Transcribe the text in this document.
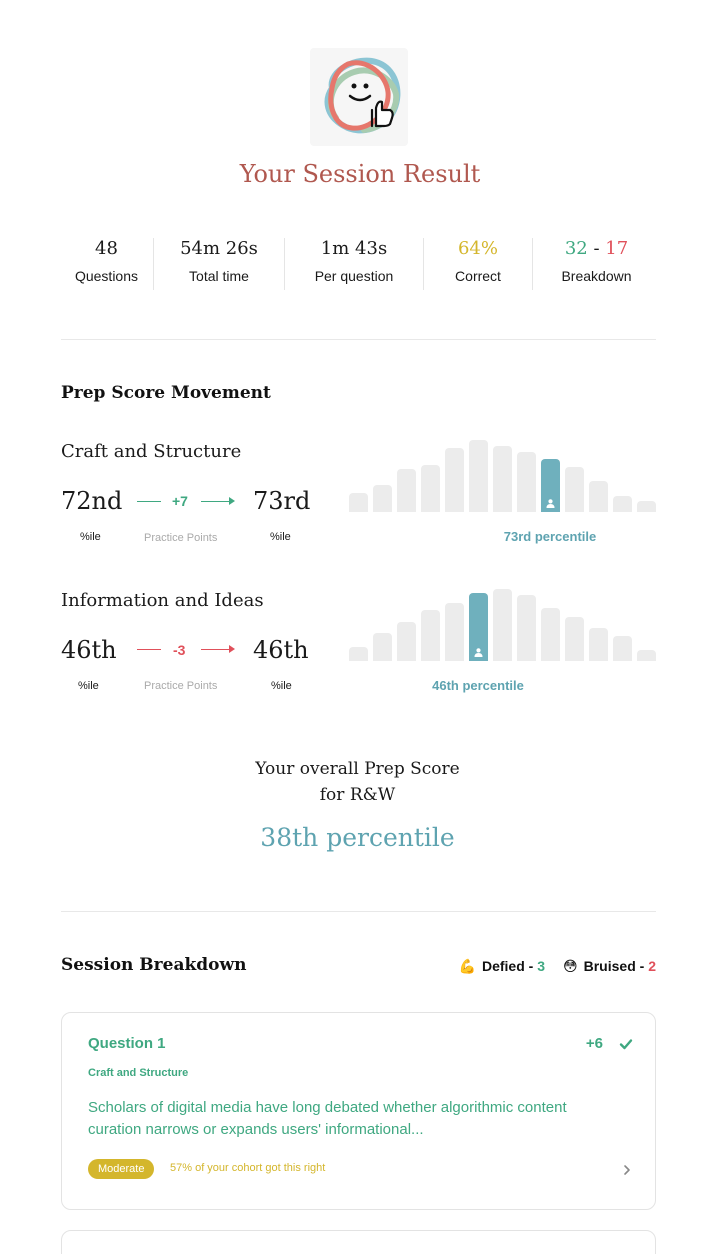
Your Session Result
48
Questions
54m 26s
Total time
1m 43s
Per question
64%
Correct
32 - 17
Breakdown
Prep Score Movement
Craft and Structure
72nd
%ile
+7
Practice Points
73rd
%ile	73rd percentile
Information and Ideas
46th
%ile
-3
Practice Points
46th
%ile	46th percentile
Your overall Prep Score
for R&W
38th percentile
Session Breakdown	💪 Defied - 3 😳 Bruised - 2
Question 1	+6
Craft and Structure
Scholars of digital media have long debated whether algorithmic content curation narrows or expands users' informational...
Moderate	57% of your cohort got this right
